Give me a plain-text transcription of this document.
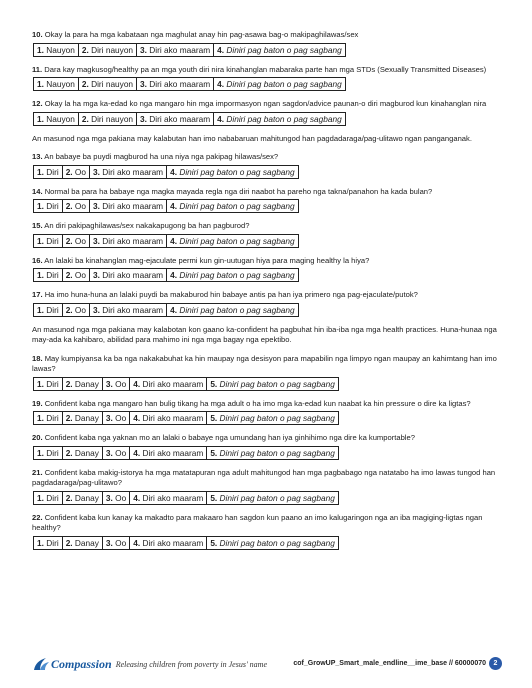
10. Okay la para ha mga kabataan nga maghulat anay hin pag-asawa bag-o makipaghilawas/sex
1. Nauyon 2. Diri nauyon 3. Diri ako maaram 4. Diniri pag baton o pag sagbang
11. Dara kay magkusog/healthy pa an mga youth diri nira kinahanglan mabaraka parte han mga STDs (Sexually Transmitted Diseases)
1. Nauyon 2. Diri nauyon 3. Diri ako maaram 4. Diniri pag baton o pag sagbang
12. Okay la ha mga ka-edad ko nga mangaro hin mga impormasyon ngan sagdon/advice paunan-o diri magburod kun kinahanglan nira
1. Nauyon 2. Diri nauyon 3. Diri ako maaram 4. Diniri pag baton o pag sagbang
An masunod nga mga pakiana may kalabutan han imo nababaruan mahitungod han pagdadaraga/pag-ulitawo ngan panganganak.
13. An babaye ba puydi magburod ha una niya nga pakipag hilawas/sex?
1. Diri 2. Oo 3. Diri ako maaram 4. Diniri pag baton o pag sagbang
14. Normal ba para ha babaye nga magka mayada regla nga diri naabot ha pareho nga takna/panahon ha kada bulan?
1. Diri 2. Oo 3. Diri ako maaram 4. Diniri pag baton o pag sagbang
15. An diri pakipaghilawas/sex nakakapugong ba han pagburod?
1. Diri 2. Oo 3. Diri ako maaram 4. Diniri pag baton o pag sagbang
16. An lalaki ba kinahanglan mag-ejaculate permi kun gin-uutugan hiya para maging healthy la hiya?
1. Diri 2. Oo 3. Diri ako maaram 4. Diniri pag baton o pag sagbang
17. Ha imo huna-huna an lalaki puydi ba makaburod hin babaye antis pa han iya primero nga pag-ejaculate/putok?
1. Diri 2. Oo 3. Diri ako maaram 4. Diniri pag baton o pag sagbang
An masunod nga mga pakiana may kalabotan kon gaano ka-confident ha pagbuhat hin iba-iba nga mga health practices. Huna-hunaa nga may-ada ka kahibaro, abilidad para mahimo ini nga mga bagay nga epektibo.
18. May kumpiyansa ka ba nga nakakabuhat ka hin maupay nga desisyon para mapabilin nga limpyo ngan maupay an kahimtang han imo lawas?
1. Diri 2. Danay 3. Oo 4. Diri ako maaram 5. Diniri pag baton o pag sagbang
19. Confident kaba nga mangaro han bulig tikang ha mga adult o ha imo mga ka-edad kun naabat ka hin pressure o dire ka ligtas?
1. Diri 2. Danay 3. Oo 4. Diri ako maaram 5. Diniri pag baton o pag sagbang
20. Confident kaba nga yaknan mo an lalaki o babaye nga umundang han iya ginhihimo nga dire ka kumportable?
1. Diri 2. Danay 3. Oo 4. Diri ako maaram 5. Diniri pag baton o pag sagbang
21. Confident kaba makig-istorya ha mga matatapuran nga adult mahitungod han mga pagbabago nga natatabo ha imo lawas tungod han pagdadaraga/pag-ulitawo?
1. Diri 2. Danay 3. Oo 4. Diri ako maaram 5. Diniri pag baton o pag sagbang
22. Confident kaba kun kanay ka makadto para makaaro han sagdon kun paano an imo kalugaringon nga an iba magiging-ligtas ngan healthy?
1. Diri 2. Danay 3. Oo 4. Diri ako maaram 5. Diniri pag baton o pag sagbang
Compassion Releasing children from poverty in Jesus' name	cof_GrowUP_Smart_male_endline__ime_base // 60000070	2
